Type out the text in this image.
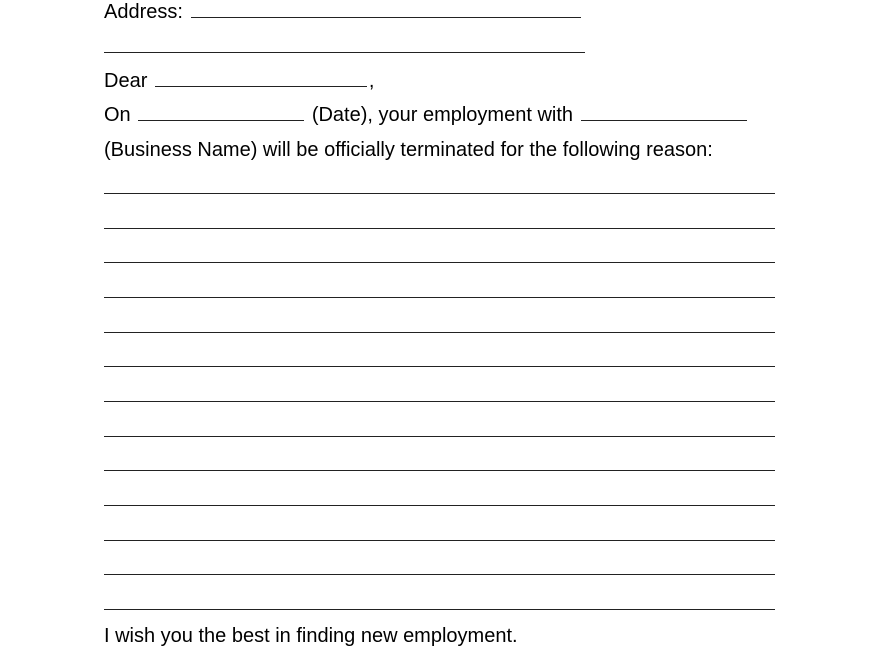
Address:
Dear	,
On	(Date), your employment with
(Business Name) will be officially terminated for the following reason:
I wish you the best in finding new employment.
